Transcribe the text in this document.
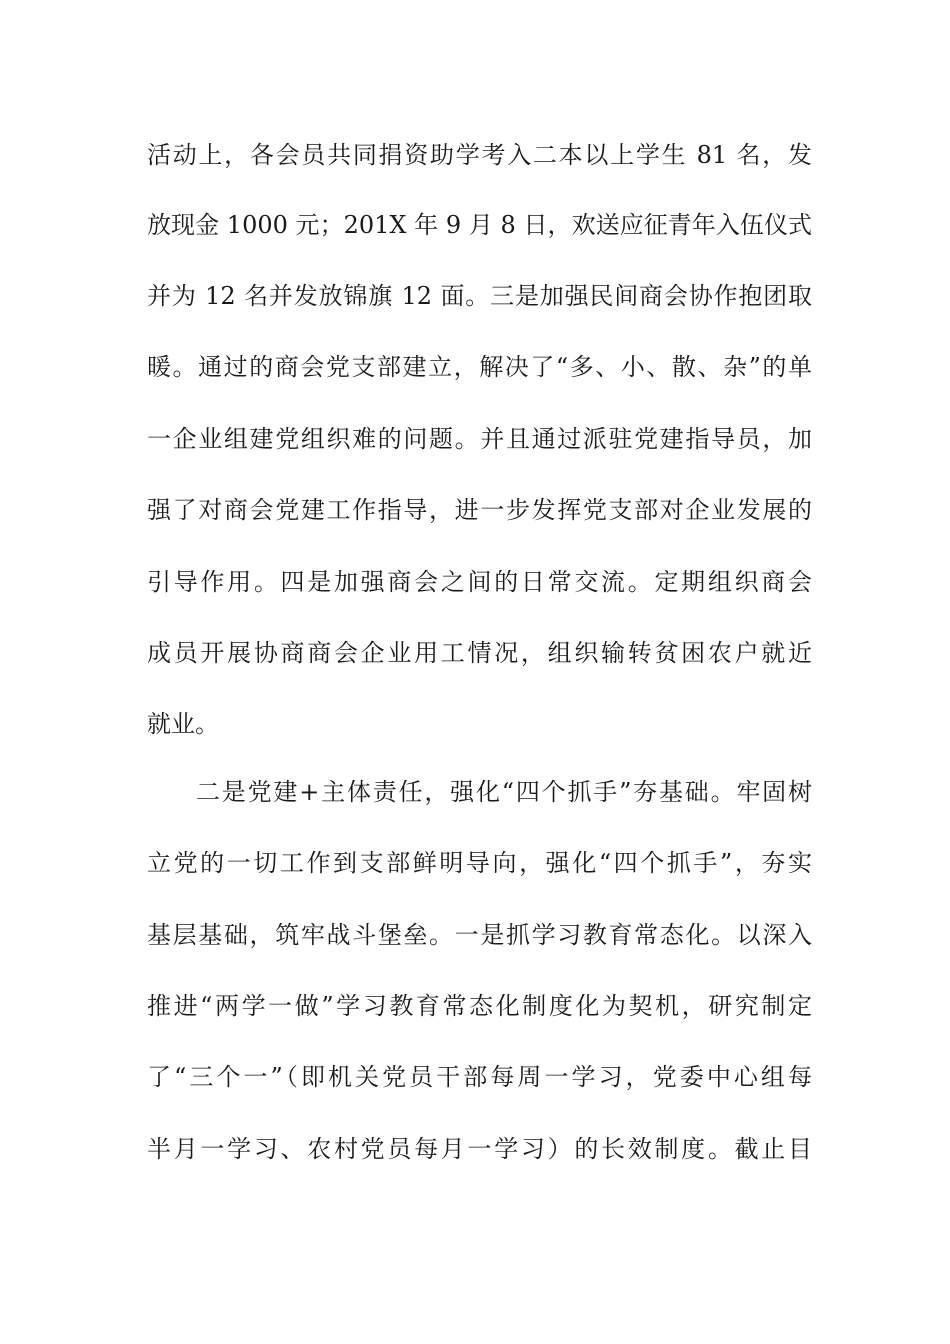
活动上，各会员共同捐资助学考入二本以上学生 81 名，发
放现金 1000 元；201X 年 9 月 8 日，欢送应征青年入伍仪式
并为 12 名并发放锦旗 12 面。三是加强民间商会协作抱团取
暖。通过的商会党支部建立，解决了“多、小、散、杂”的单
一企业组建党组织难的问题。并且通过派驻党建指导员，加
强了对商会党建工作指导，进一步发挥党支部对企业发展的
引导作用。四是加强商会之间的日常交流。定期组织商会
成员开展协商商会企业用工情况，组织输转贫困农户就近
就业。
二是党建+主体责任，强化“四个抓手”夯基础。牢固树
立党的一切工作到支部鲜明导向，强化“四个抓手”，夯实
基层基础，筑牢战斗堡垒。一是抓学习教育常态化。以深入
推进“两学一做”学习教育常态化制度化为契机，研究制定
了“三个一”（即机关党员干部每周一学习，党委中心组每
半月一学习、农村党员每月一学习）的长效制度。截止目
